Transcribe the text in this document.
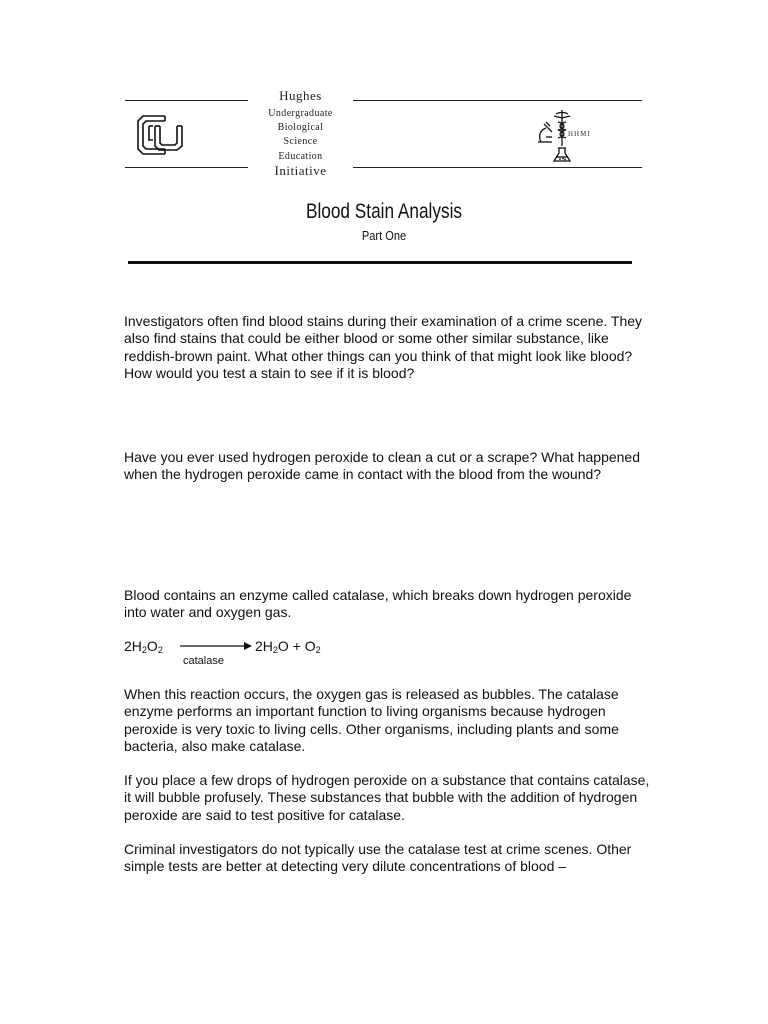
HHMI
Hughes
Undergraduate
Biological
Science
Education
Initiative
Blood Stain Analysis
Part One
Investigators often find blood stains during their examination of a crime scene. They also find stains that could be either blood or some other similar substance, like reddish-brown paint. What other things can you think of that might look like blood? How would you test a stain to see if it is blood?
Have you ever used hydrogen peroxide to clean a cut or a scrape? What happened when the hydrogen peroxide came in contact with the blood from the wound?
Blood contains an enzyme called catalase, which breaks down hydrogen peroxide into water and oxygen gas.
$2H_2O_2$	$2H_2O + O_2$
catalase
When this reaction occurs, the oxygen gas is released as bubbles. The catalase enzyme performs an important function to living organisms because hydrogen peroxide is very toxic to living cells. Other organisms, including plants and some bacteria, also make catalase.
If you place a few drops of hydrogen peroxide on a substance that contains catalase, it will bubble profusely. These substances that bubble with the addition of hydrogen peroxide are said to test positive for catalase.
Criminal investigators do not typically use the catalase test at crime scenes. Other simple tests are better at detecting very dilute concentrations of blood –
